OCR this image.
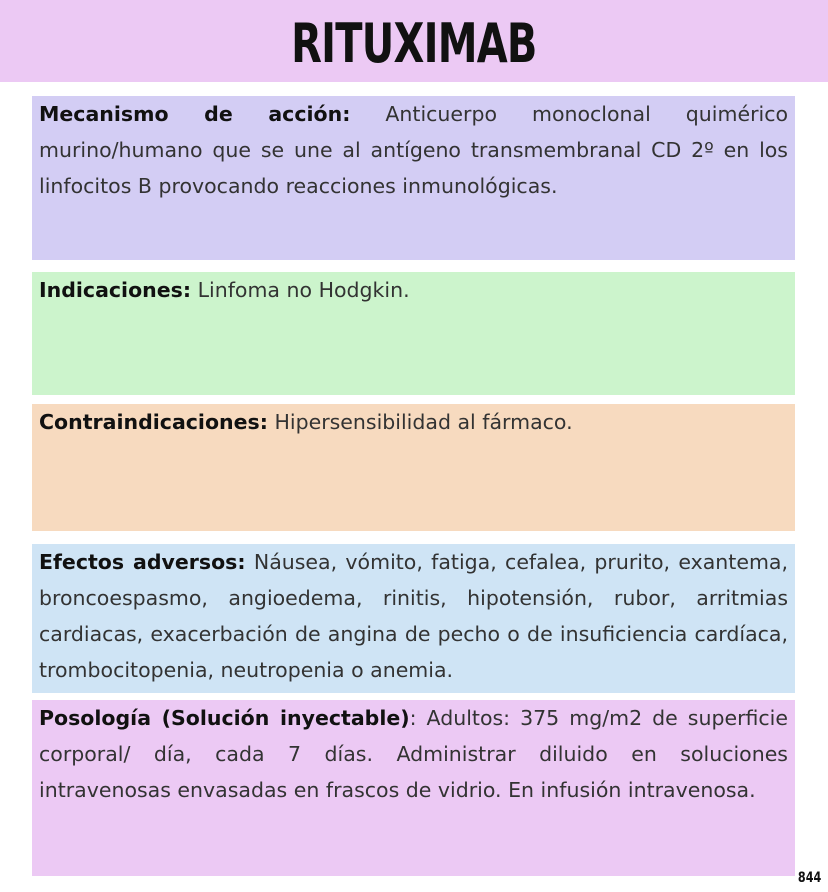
RITUXIMAB
Mecanismo de acción: Anticuerpo monoclonal quimérico murino/humano que se une al antígeno transmembranal CD 2º en los linfocitos B provocando reacciones inmunológicas.
Indicaciones: Linfoma no Hodgkin.
Contraindicaciones: Hipersensibilidad al fármaco.
Efectos adversos: Náusea, vómito, fatiga, cefalea, prurito, exantema, broncoespasmo, angioedema, rinitis, hipotensión, rubor, arritmias cardiacas, exacerbación de angina de pecho o de insuficiencia cardíaca, trombocitopenia, neutropenia o anemia.
Posología (Solución inyectable): Adultos: 375 mg/m2 de superficie corporal/ día, cada 7 días. Administrar diluido en soluciones intravenosas envasadas en frascos de vidrio. En infusión intravenosa.
844
